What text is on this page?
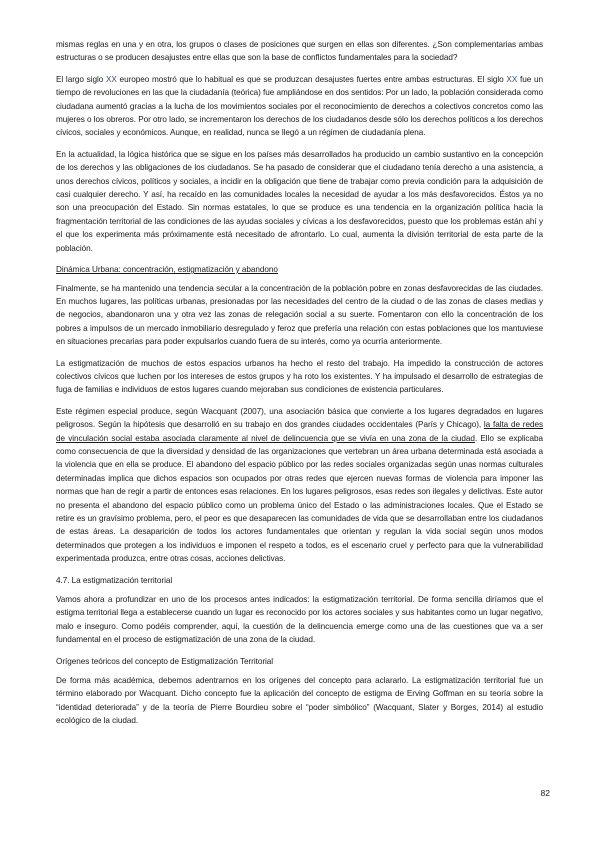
mismas reglas en una y en otra, los grupos o clases de posiciones que surgen en ellas son diferentes. ¿Son complementarias ambas estructuras o se producen desajustes entre ellas que son la base de conflictos fundamentales para la sociedad?

El largo siglo XX europeo mostró que lo habitual es que se produzcan desajustes fuertes entre ambas estructuras. El siglo XX fue un tiempo de revoluciones en las que la ciudadanía (teórica) fue ampliándose en dos sentidos: Por un lado, la población considerada como ciudadana aumentó gracias a la lucha de los movimientos sociales por el reconocimiento de derechos a colectivos concretos como las mujeres o los obreros. Por otro lado, se incrementaron los derechos de los ciudadanos desde sólo los derechos políticos a los derechos cívicos, sociales y económicos. Aunque, en realidad, nunca se llegó a un régimen de ciudadanía plena.

En la actualidad, la lógica histórica que se sigue en los países más desarrollados ha producido un cambio sustantivo en la concepción de los derechos y las obligaciones de los ciudadanos. Se ha pasado de considerar que el ciudadano tenía derecho a una asistencia, a unos derechos cívicos, políticos y sociales, a incidir en la obligación que tiene de trabajar como previa condición para la adquisición de casi cualquier derecho. Y así, ha recaído en las comunidades locales la necesidad de ayudar a los más desfavorecidos. Éstos ya no son una preocupación del Estado. Sin normas estatales, lo que se produce es una tendencia en la organización política hacia la fragmentación territorial de las condiciones de las ayudas sociales y cívicas a los desfavorecidos, puesto que los problemas están ahí y el que los experimenta más próximamente está necesitado de afrontarlo. Lo cual, aumenta la división territorial de esta parte de la población.

Dinámica Urbana: concentración, estigmatización y abandono

Finalmente, se ha mantenido una tendencia secular a la concentración de la población pobre en zonas desfavorecidas de las ciudades. En muchos lugares, las políticas urbanas, presionadas por las necesidades del centro de la ciudad o de las zonas de clases medias y de negocios, abandonaron una y otra vez las zonas de relegación social a su suerte. Fomentaron con ello la concentración de los pobres a impulsos de un mercado inmobiliario desregulado y feroz que prefería una relación con estas poblaciones que los mantuviese en situaciones precarias para poder expulsarlos cuando fuera de su interés, como ya ocurría anteriormente.

La estigmatización de muchos de estos espacios urbanos ha hecho el resto del trabajo. Ha impedido la construcción de actores colectivos cívicos que luchen por los intereses de estos grupos y ha roto los existentes. Y ha impulsado el desarrollo de estrategias de fuga de familias e individuos de estos lugares cuando mejoraban sus condiciones de existencia particulares.

Este régimen especial produce, según Wacquant (2007), una asociación básica que convierte a los lugares degradados en lugares peligrosos. Según la hipótesis que desarrolló en su trabajo en dos grandes ciudades occidentales (París y Chicago), la falta de redes de vinculación social estaba asociada claramente al nivel de delincuencia que se vivía en una zona de la ciudad. Ello se explicaba como consecuencia de que la diversidad y densidad de las organizaciones que vertebran un área urbana determinada está asociada a la violencia que en ella se produce. El abandono del espacio público por las redes sociales organizadas según unas normas culturales determinadas implica que dichos espacios son ocupados por otras redes que ejercen nuevas formas de violencia para imponer las normas que han de regir a partir de entonces esas relaciones. En los lugares peligrosos, esas redes son ilegales y delictivas. Este autor no presenta el abandono del espacio público como un problema único del Estado o las administraciones locales. Que el Estado se retire es un gravísimo problema, pero, el peor es que desaparecen las comunidades de vida que se desarrollaban entre los ciudadanos de estas áreas. La desaparición de todos los actores fundamentales que orientan y regulan la vida social según unos modos determinados que protegen a los individuos e imponen el respeto a todos, es el escenario cruel y perfecto para que la vulnerabilidad experimentada produzca, entre otras cosas, acciones delictivas.

4.7. La estigmatización territorial

Vamos ahora a profundizar en uno de los procesos antes indicados: la estigmatización territorial. De forma sencilla diríamos que el estigma territorial llega a establecerse cuando un lugar es reconocido por los actores sociales y sus habitantes como un lugar negativo, malo e inseguro. Como podéis comprender, aquí, la cuestión de la delincuencia emerge como una de las cuestiones que va a ser fundamental en el proceso de estigmatización de una zona de la ciudad.

Orígenes teóricos del concepto de Estigmatización Territorial

De forma más académica, debemos adentrarnos en los orígenes del concepto para aclararlo. La estigmatización territorial fue un término elaborado por Wacquant. Dicho concepto fue la aplicación del concepto de estigma de Erving Goffman en su teoría sobre la “identidad deteriorada” y de la teoría de Pierre Bourdieu sobre el “poder simbólico” (Wacquant, Slater y Borges, 2014) al estudio ecológico de la ciudad.

82
